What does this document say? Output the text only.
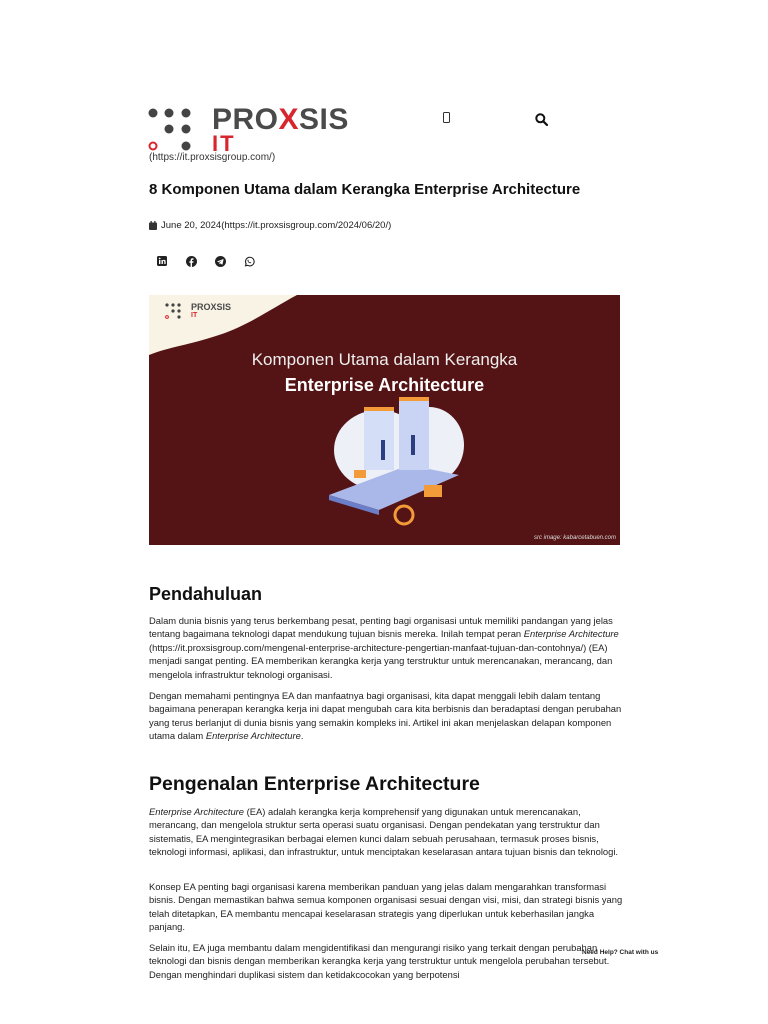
PROXSIS
IT
(https://it.proxsisgroup.com/)
8 Komponen Utama dalam Kerangka Enterprise Architecture
June 20, 2024(https://it.proxsisgroup.com/2024/06/20/)
PROXSIS
IT
Komponen Utama dalam Kerangka
Enterprise Architecture
src image: kabarcetabuen.com
Pendahuluan

Dalam dunia bisnis yang terus berkembang pesat, penting bagi organisasi untuk memiliki pandangan yang jelas tentang bagaimana teknologi dapat mendukung tujuan bisnis mereka. Inilah tempat peran Enterprise Architecture (https://it.proxsisgroup.com/mengenal-enterprise-architecture-pengertian-manfaat-tujuan-dan-contohnya/) (EA) menjadi sangat penting. EA memberikan kerangka kerja yang terstruktur untuk merencanakan, merancang, dan mengelola infrastruktur teknologi organisasi.

Dengan memahami pentingnya EA dan manfaatnya bagi organisasi, kita dapat menggali lebih dalam tentang bagaimana penerapan kerangka kerja ini dapat mengubah cara kita berbisnis dan beradaptasi dengan perubahan yang terus berlanjut di dunia bisnis yang semakin kompleks ini. Artikel ini akan menjelaskan delapan komponen utama dalam Enterprise Architecture.

Pengenalan Enterprise Architecture

Enterprise Architecture (EA) adalah kerangka kerja komprehensif yang digunakan untuk merencanakan, merancang, dan mengelola struktur serta operasi suatu organisasi. Dengan pendekatan yang terstruktur dan sistematis, EA mengintegrasikan berbagai elemen kunci dalam sebuah perusahaan, termasuk proses bisnis, teknologi informasi, aplikasi, dan infrastruktur, untuk menciptakan keselarasan antara tujuan bisnis dan teknologi.

Konsep EA penting bagi organisasi karena memberikan panduan yang jelas dalam mengarahkan transformasi bisnis. Dengan memastikan bahwa semua komponen organisasi sesuai dengan visi, misi, dan strategi bisnis yang telah ditetapkan, EA membantu mencapai keselarasan strategis yang diperlukan untuk keberhasilan jangka panjang.

Selain itu, EA juga membantu dalam mengidentifikasi dan mengurangi risiko yang terkait dengan perubahan teknologi dan bisnis dengan memberikan kerangka kerja yang terstruktur untuk mengelola perubahan tersebut. Dengan menghindari duplikasi sistem dan ketidakcocokan yang berpotensi

Need Help? Chat with us
